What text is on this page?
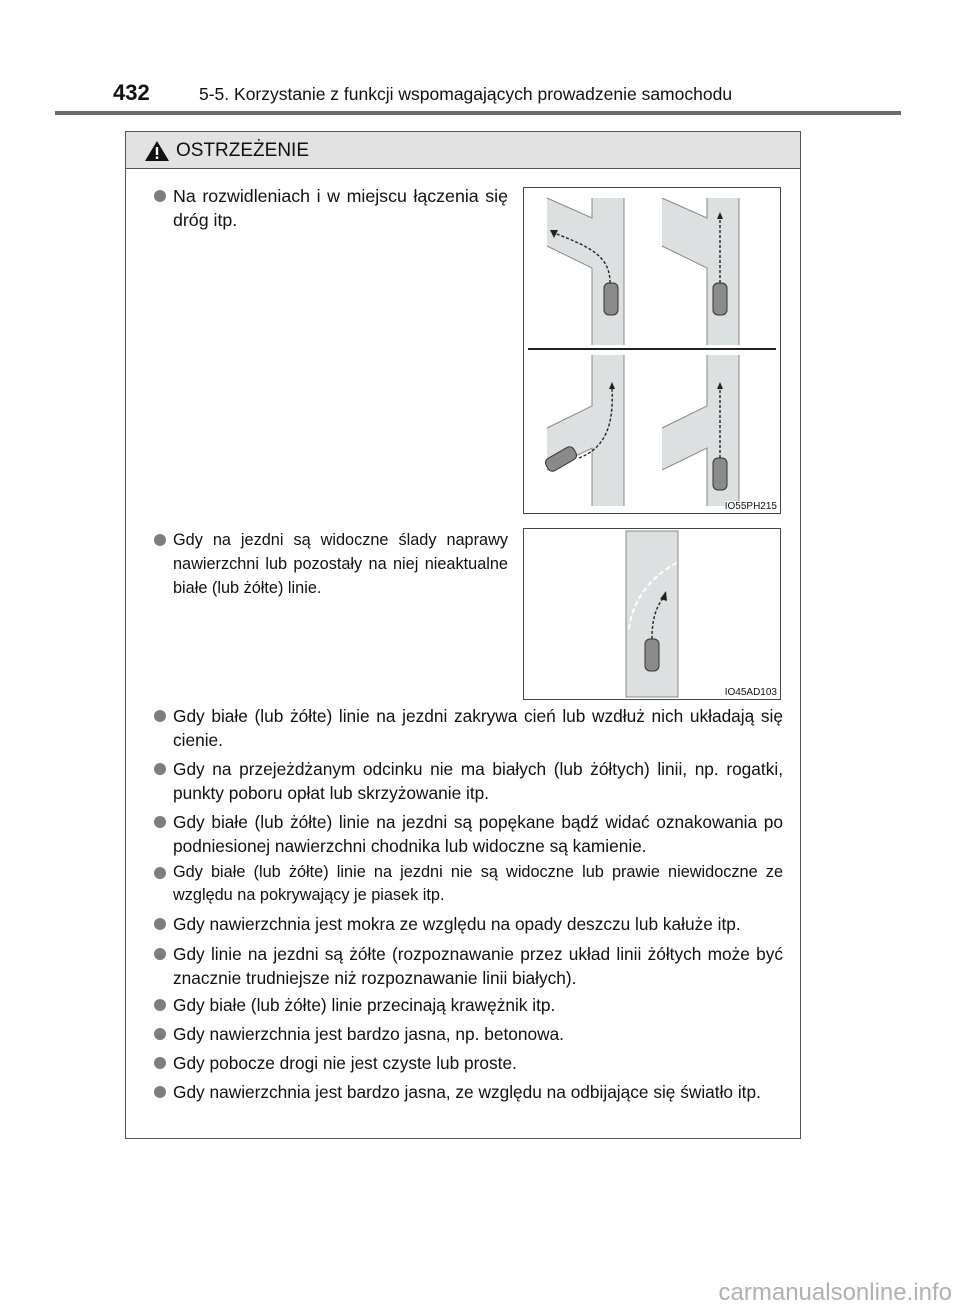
432	5-5. Korzystanie z funkcji wspomagających prowadzenie samochodu
OSTRZEŻENIE
Na rozwidleniach i w miejscu łączenia się dróg itp.
Gdy na jezdni są widoczne ślady naprawy nawierzchni lub pozostały na niej nieaktualne białe (lub żółte) linie.
Gdy białe (lub żółte) linie na jezdni zakrywa cień lub wzdłuż nich układają się cienie.
Gdy na przejeżdżanym odcinku nie ma białych (lub żółtych) linii, np. rogatki, punkty poboru opłat lub skrzyżowanie itp.
Gdy białe (lub żółte) linie na jezdni są popękane bądź widać oznakowania po podniesionej nawierzchni chodnika lub widoczne są kamienie.
Gdy białe (lub żółte) linie na jezdni nie są widoczne lub prawie niewidoczne ze względu na pokrywający je piasek itp.
Gdy nawierzchnia jest mokra ze względu na opady deszczu lub kałuże itp.
Gdy linie na jezdni są żółte (rozpoznawanie przez układ linii żółtych może być znacznie trudniejsze niż rozpoznawanie linii białych).
Gdy białe (lub żółte) linie przecinają krawężnik itp.
Gdy nawierzchnia jest bardzo jasna, np. betonowa.
Gdy pobocze drogi nie jest czyste lub proste.
Gdy nawierzchnia jest bardzo jasna, ze względu na odbijające się światło itp.
IO55PH215
IO45AD103
carmanualsonline.info
